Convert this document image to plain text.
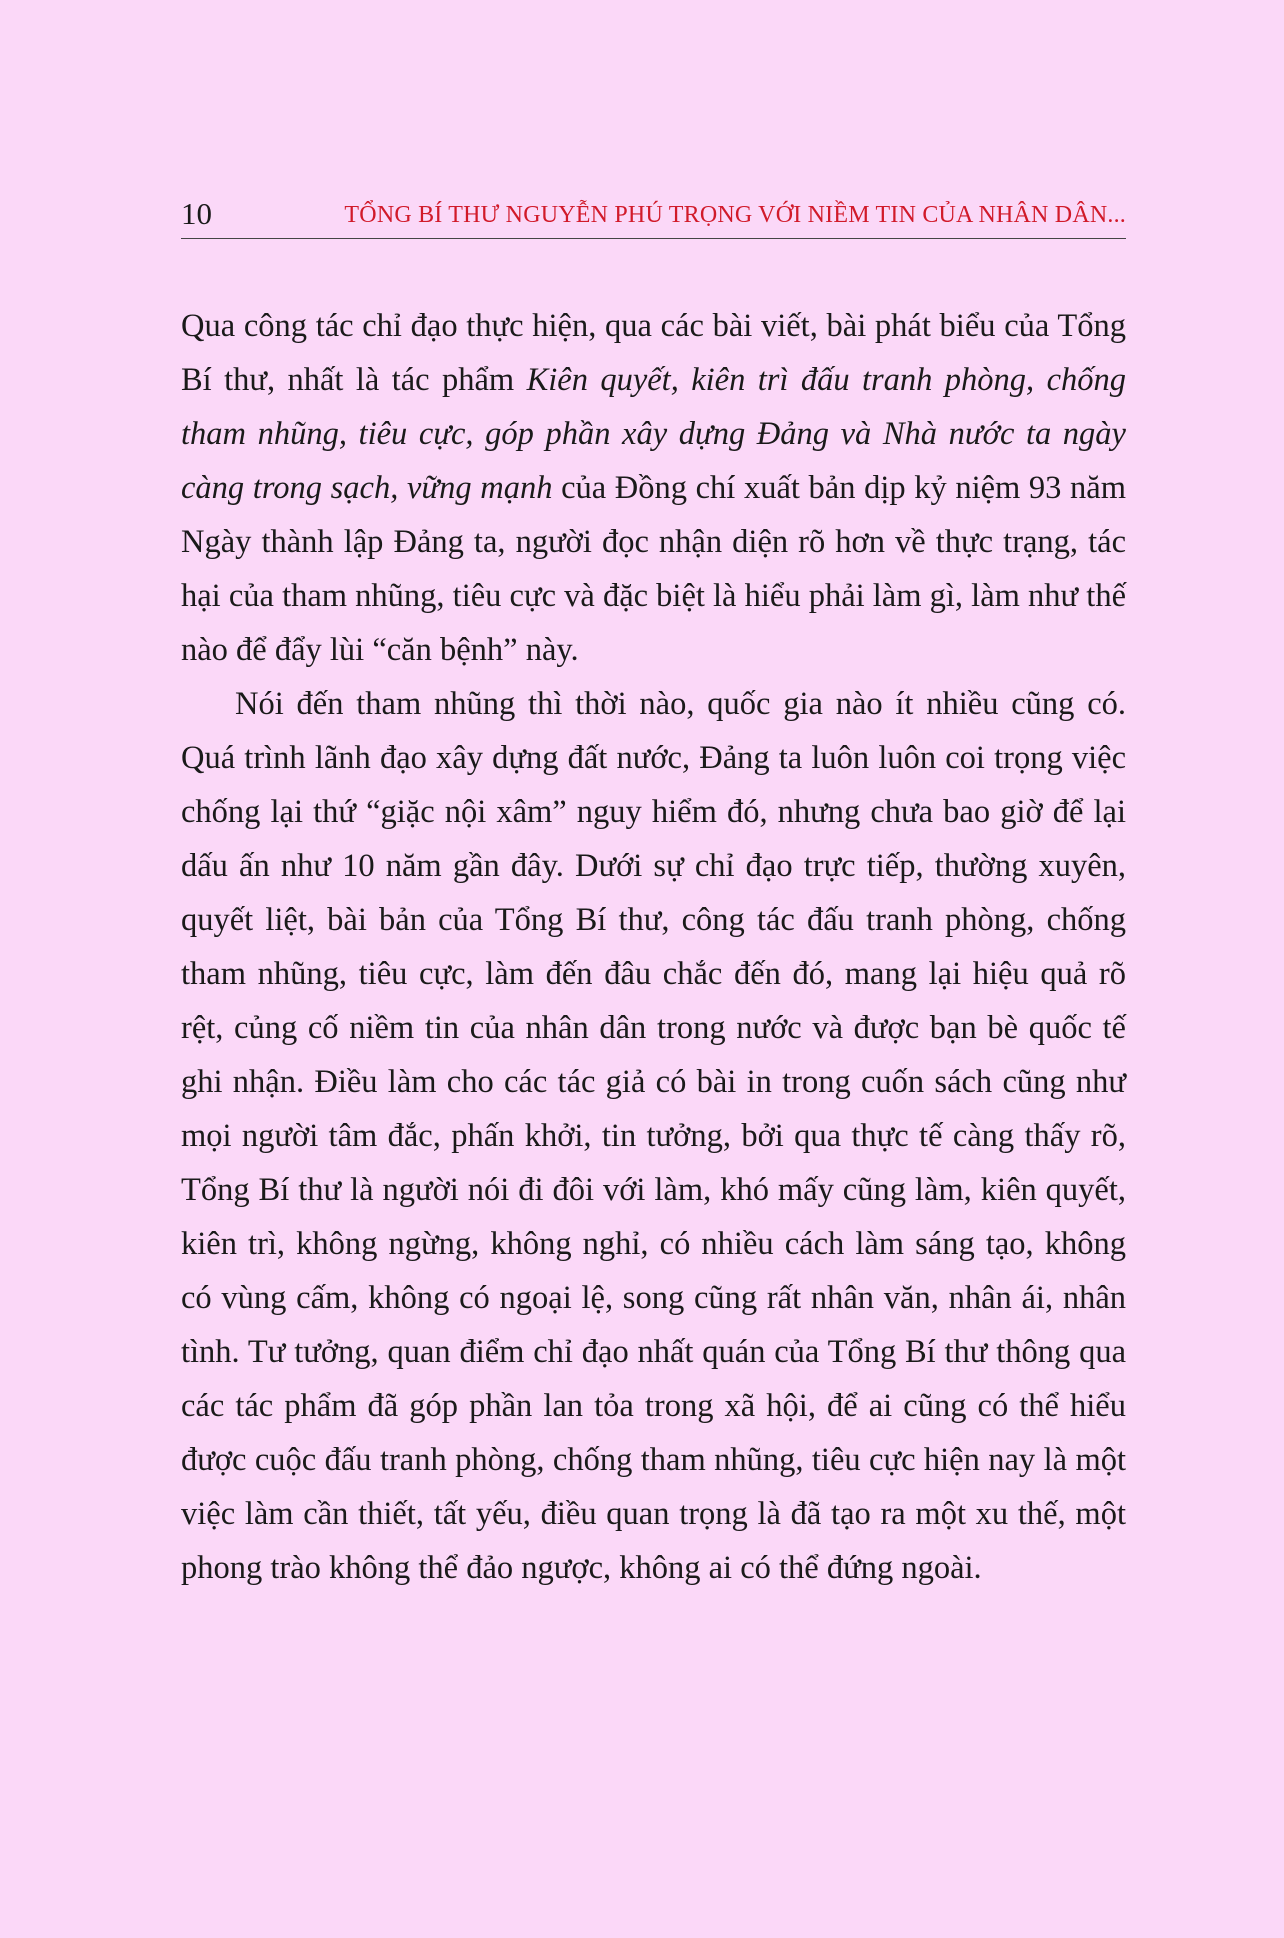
10	TỔNG BÍ THƯ NGUYỄN PHÚ TRỌNG VỚI NIỀM TIN CỦA NHÂN DÂN...

Qua công tác chỉ đạo thực hiện, qua các bài viết, bài phát biểu của Tổng Bí thư, nhất là tác phẩm Kiên quyết, kiên trì đấu tranh phòng, chống tham nhũng, tiêu cực, góp phần xây dựng Đảng và Nhà nước ta ngày càng trong sạch, vững mạnh của Đồng chí xuất bản dịp kỷ niệm 93 năm Ngày thành lập Đảng ta, người đọc nhận diện rõ hơn về thực trạng, tác hại của tham nhũng, tiêu cực và đặc biệt là hiểu phải làm gì, làm như thế nào để đẩy lùi “căn bệnh” này.

Nói đến tham nhũng thì thời nào, quốc gia nào ít nhiều cũng có. Quá trình lãnh đạo xây dựng đất nước, Đảng ta luôn luôn coi trọng việc chống lại thứ “giặc nội xâm” nguy hiểm đó, nhưng chưa bao giờ để lại dấu ấn như 10 năm gần đây. Dưới sự chỉ đạo trực tiếp, thường xuyên, quyết liệt, bài bản của Tổng Bí thư, công tác đấu tranh phòng, chống tham nhũng, tiêu cực, làm đến đâu chắc đến đó, mang lại hiệu quả rõ rệt, củng cố niềm tin của nhân dân trong nước và được bạn bè quốc tế ghi nhận. Điều làm cho các tác giả có bài in trong cuốn sách cũng như mọi người tâm đắc, phấn khởi, tin tưởng, bởi qua thực tế càng thấy rõ, Tổng Bí thư là người nói đi đôi với làm, khó mấy cũng làm, kiên quyết, kiên trì, không ngừng, không nghỉ, có nhiều cách làm sáng tạo, không có vùng cấm, không có ngoại lệ, song cũng rất nhân văn, nhân ái, nhân tình. Tư tưởng, quan điểm chỉ đạo nhất quán của Tổng Bí thư thông qua các tác phẩm đã góp phần lan tỏa trong xã hội, để ai cũng có thể hiểu được cuộc đấu tranh phòng, chống tham nhũng, tiêu cực hiện nay là một việc làm cần thiết, tất yếu, điều quan trọng là đã tạo ra một xu thế, một phong trào không thể đảo ngược, không ai có thể đứng ngoài.
